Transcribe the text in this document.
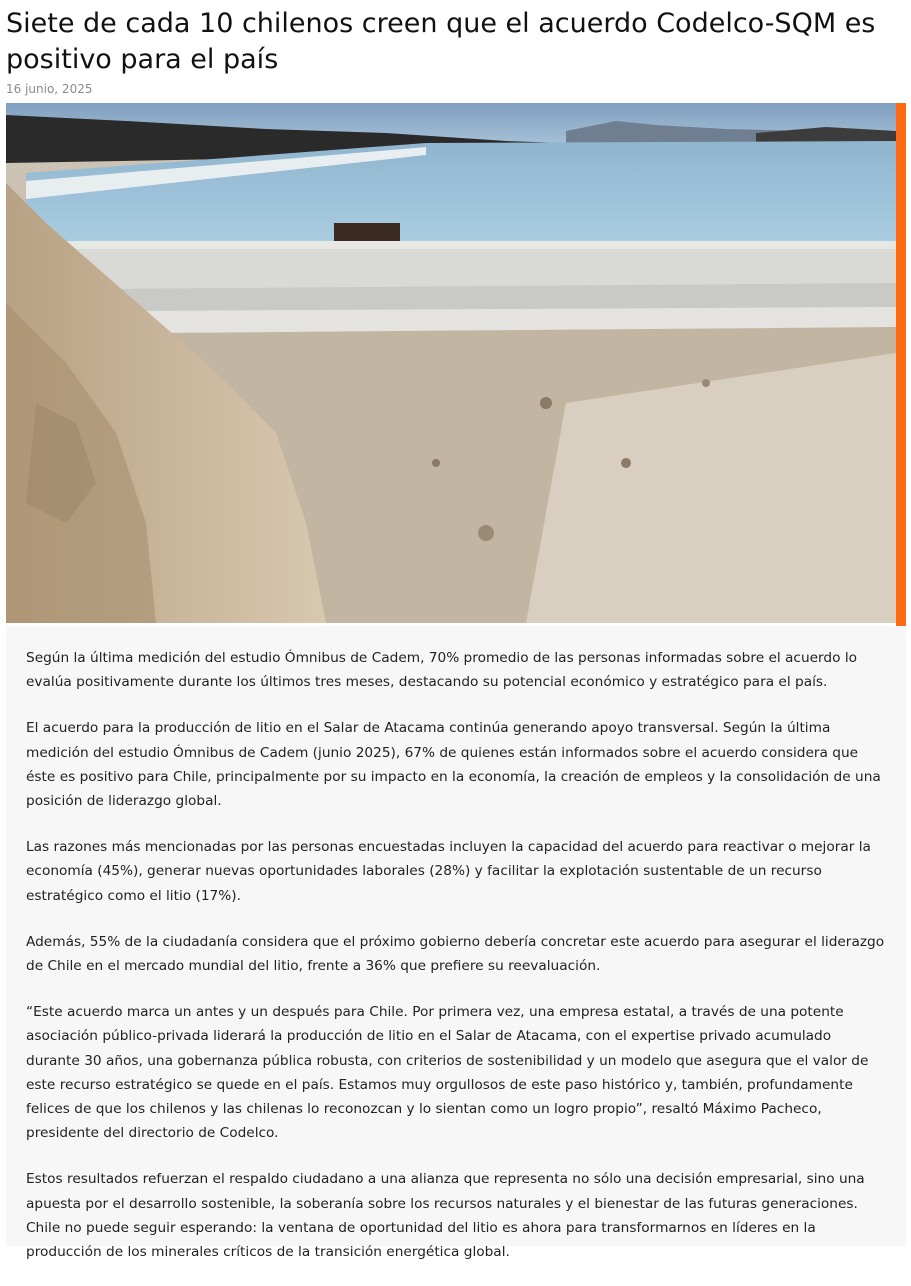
Siete de cada 10 chilenos creen que el acuerdo Codelco-SQM es positivo para el país
16 junio, 2025

Según la última medición del estudio Ómnibus de Cadem, 70% promedio de las personas informadas sobre el acuerdo lo evalúa positivamente durante los últimos tres meses, destacando su potencial económico y estratégico para el país.

El acuerdo para la producción de litio en el Salar de Atacama continúa generando apoyo transversal. Según la última medición del estudio Ómnibus de Cadem (junio 2025), 67% de quienes están informados sobre el acuerdo considera que éste es positivo para Chile, principalmente por su impacto en la economía, la creación de empleos y la consolidación de una posición de liderazgo global.

Las razones más mencionadas por las personas encuestadas incluyen la capacidad del acuerdo para reactivar o mejorar la economía (45%), generar nuevas oportunidades laborales (28%) y facilitar la explotación sustentable de un recurso estratégico como el litio (17%).

Además, 55% de la ciudadanía considera que el próximo gobierno debería concretar este acuerdo para asegurar el liderazgo de Chile en el mercado mundial del litio, frente a 36% que prefiere su reevaluación.

“Este acuerdo marca un antes y un después para Chile. Por primera vez, una empresa estatal, a través de una potente asociación público-privada liderará la producción de litio en el Salar de Atacama, con el expertise privado acumulado durante 30 años, una gobernanza pública robusta, con criterios de sostenibilidad y un modelo que asegura que el valor de este recurso estratégico se quede en el país. Estamos muy orgullosos de este paso histórico y, también, profundamente felices de que los chilenos y las chilenas lo reconozcan y lo sientan como un logro propio”, resaltó Máximo Pacheco, presidente del directorio de Codelco.

Estos resultados refuerzan el respaldo ciudadano a una alianza que representa no sólo una decisión empresarial, sino una apuesta por el desarrollo sostenible, la soberanía sobre los recursos naturales y el bienestar de las futuras generaciones. Chile no puede seguir esperando: la ventana de oportunidad del litio es ahora para transformarnos en líderes en la producción de los minerales críticos de la transición energética global.
